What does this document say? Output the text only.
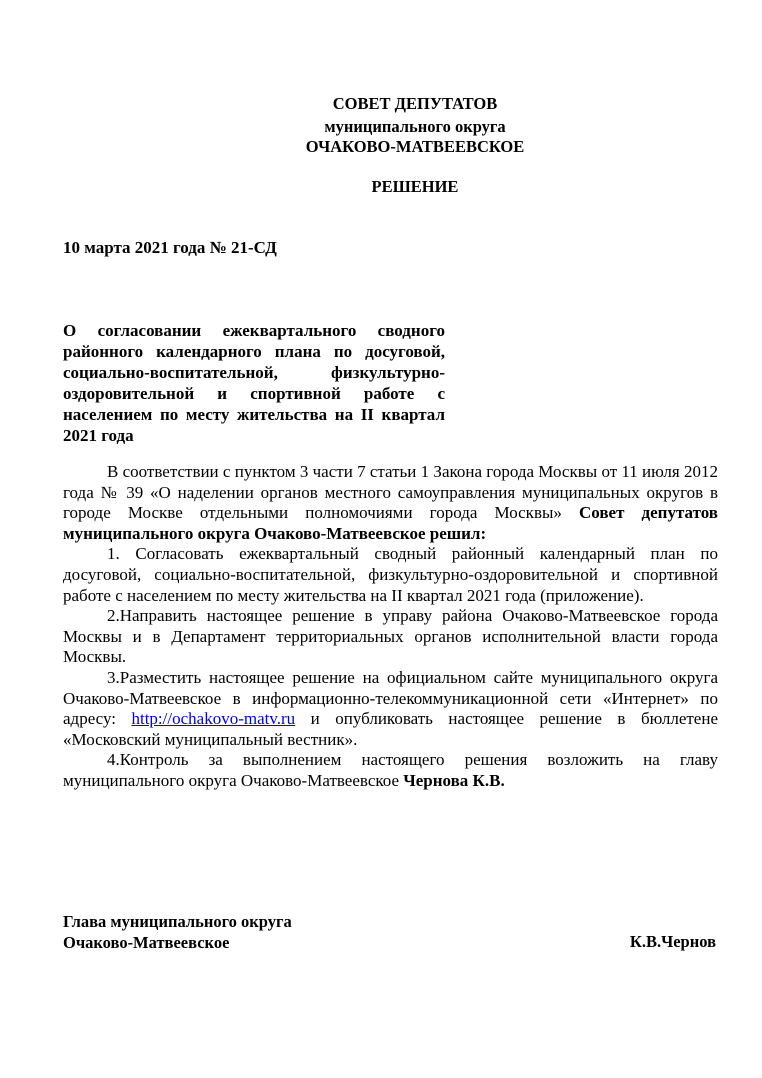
СОВЕТ ДЕПУТАТОВ
муниципального округа
ОЧАКОВО-МАТВЕЕВСКОЕ
РЕШЕНИЕ
10 марта 2021 года № 21-СД
О согласовании ежеквартального сводного районного календарного плана по досуговой, социально-воспитательной, физкультурно-оздоровительной и спортивной работе с населением по месту жительства на II квартал 2021 года

В соответствии с пунктом 3 части 7 статьи 1 Закона города Москвы от 11 июля 2012 года № 39 «О наделении органов местного самоуправления муниципальных округов в городе Москве отдельными полномочиями города Москвы» Совет депутатов муниципального округа Очаково-Матвеевское решил:

1. Согласовать ежеквартальный сводный районный календарный план по досуговой, социально-воспитательной, физкультурно-оздоровительной и спортивной работе с населением по месту жительства на II квартал 2021 года (приложение).

2.Направить настоящее решение в управу района Очаково-Матвеевское города Москвы и в Департамент территориальных органов исполнительной власти города Москвы.

3.Разместить настоящее решение на официальном сайте муниципального округа Очаково-Матвеевское в информационно-телекоммуникационной сети «Интернет» по адресу: http://ochakovo-matv.ru и опубликовать настоящее решение в бюллетене «Московский муниципальный вестник».

4.Контроль за выполнением настоящего решения возложить на главу муниципального округа Очаково-Матвеевское Чернова К.В.

Глава муниципального округа
Очаково-Матвеевское	К.В.Чернов
